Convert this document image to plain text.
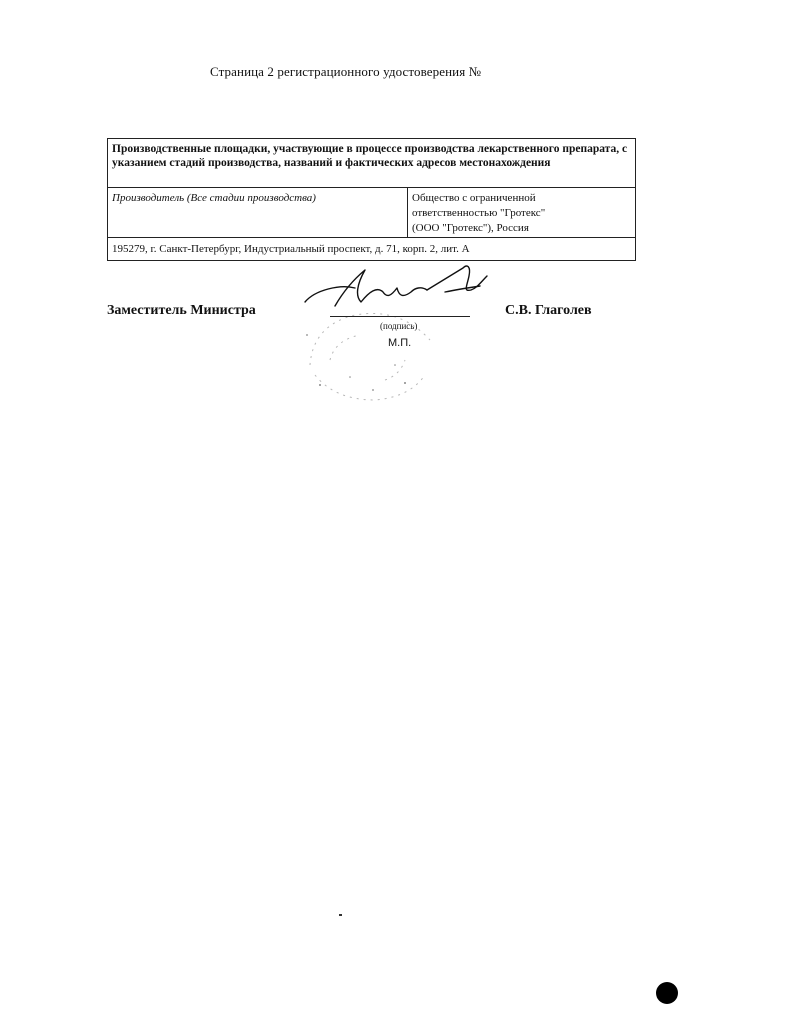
Страница 2 регистрационного удостоверения №
Производственные площадки, участвующие в процессе производства лекарственного препарата, с указанием стадий производства, названий и фактических адресов местонахождения
Производитель (Все стадии производства)	Общество с ограниченной
ответственностью "Гротекс"
(ООО "Гротекс"), Россия
195279, г. Санкт-Петербург, Индустриальный проспект, д. 71, корп. 2, лит. А
Заместитель Министра
(подпись)
М.П.
С.В. Глаголев
